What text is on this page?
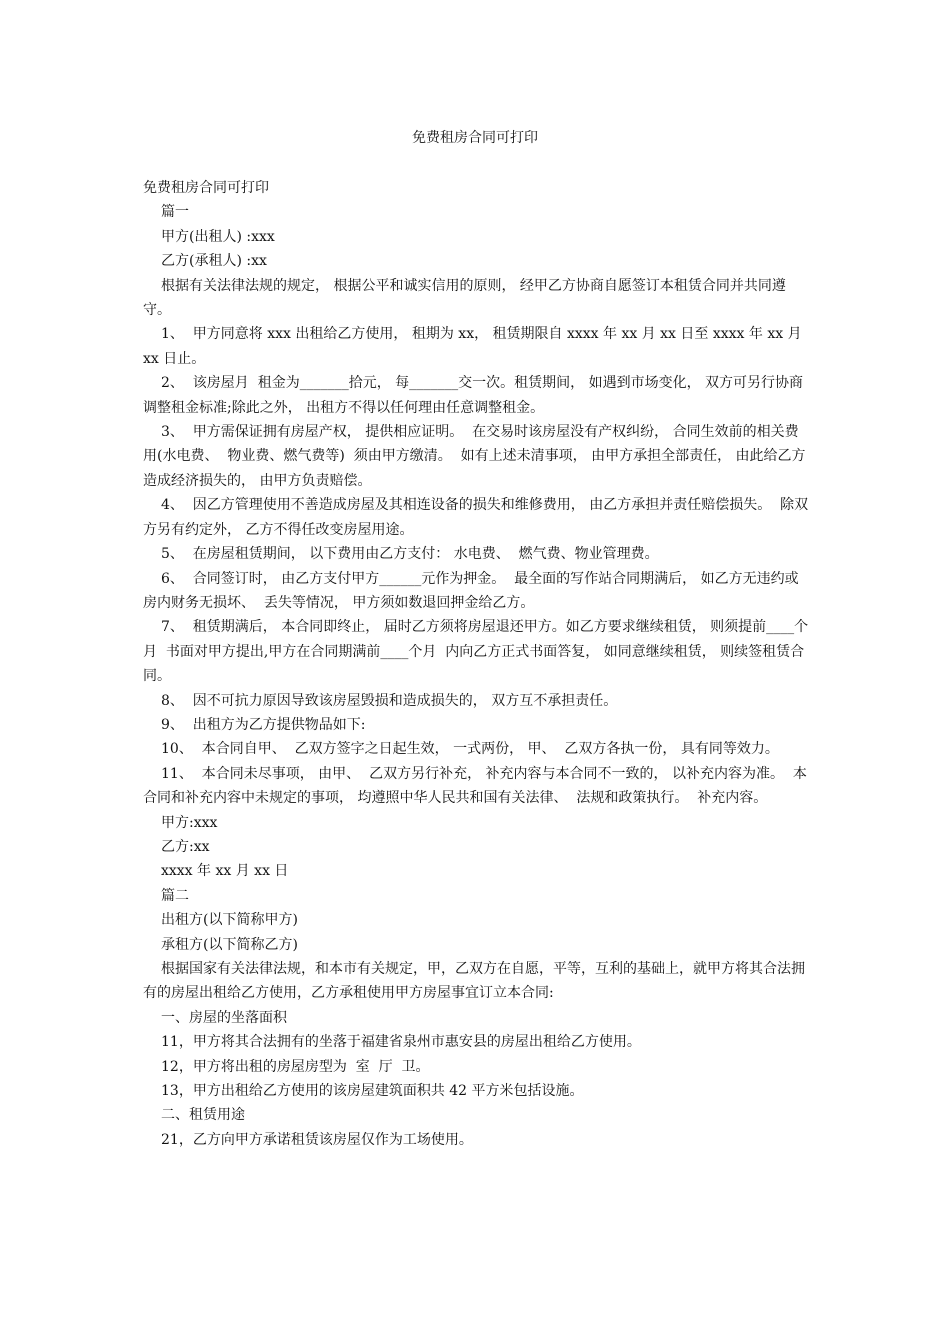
免费租房合同可打印

免费租房合同可打印

篇一

甲方(出租人) :xxx

乙方(承租人) :xx

根据有关法律法规的规定， 根据公平和诚实信用的原则， 经甲乙方协商自愿签订本租赁合同并共同遵守。

1、  甲方同意将 xxx 出租给乙方使用， 租期为 xx， 租赁期限自 xxxx 年 xx 月 xx 日至 xxxx 年 xx 月 xx 日止。

2、  该房屋月  租金为_______拾元， 每_______交一次。租赁期间， 如遇到市场变化， 双方可另行协商调整租金标准;除此之外， 出租方不得以任何理由任意调整租金。

3、  甲方需保证拥有房屋产权， 提供相应证明。  在交易时该房屋没有产权纠纷， 合同生效前的相关费用(水电费、  物业费、燃气费等)  须由甲方缴清。  如有上述未清事项， 由甲方承担全部责任， 由此给乙方造成经济损失的， 由甲方负责赔偿。

4、  因乙方管理使用不善造成房屋及其相连设备的损失和维修费用， 由乙方承担并责任赔偿损失。  除双方另有约定外， 乙方不得任改变房屋用途。

5、  在房屋租赁期间， 以下费用由乙方支付： 水电费、  燃气费、物业管理费。

6、  合同签订时， 由乙方支付甲方______元作为押金。  最全面的写作站合同期满后， 如乙方无违约或房内财务无损坏、  丢失等情况， 甲方须如数退回押金给乙方。

7、  租赁期满后， 本合同即终止， 届时乙方须将房屋退还甲方。如乙方要求继续租赁， 则须提前____个月  书面对甲方提出,甲方在合同期满前____个月  内向乙方正式书面答复， 如同意继续租赁， 则续签租赁合同。

8、  因不可抗力原因导致该房屋毁损和造成损失的， 双方互不承担责任。

9、  出租方为乙方提供物品如下:

10、  本合同自甲、  乙双方签字之日起生效， 一式两份， 甲、  乙双方各执一份， 具有同等效力。

11、  本合同未尽事项， 由甲、  乙双方另行补充， 补充内容与本合同不一致的， 以补充内容为准。  本合同和补充内容中未规定的事项， 均遵照中华人民共和国有关法律、  法规和政策执行。  补充内容。

甲方:xxx

乙方:xx

xxxx 年 xx 月 xx 日

篇二

出租方(以下简称甲方)

承租方(以下简称乙方)

根据国家有关法律法规，和本市有关规定，甲，乙双方在自愿，平等，互利的基础上，就甲方将其合法拥有的房屋出租给乙方使用，乙方承租使用甲方房屋事宜订立本合同:

一、房屋的坐落面积

11，甲方将其合法拥有的坐落于福建省泉州市惠安县的房屋出租给乙方使用。

12，甲方将出租的房屋房型为  室  厅  卫。

13，甲方出租给乙方使用的该房屋建筑面积共 42 平方米包括设施。

二、租赁用途

21，乙方向甲方承诺租赁该房屋仅作为工场使用。
